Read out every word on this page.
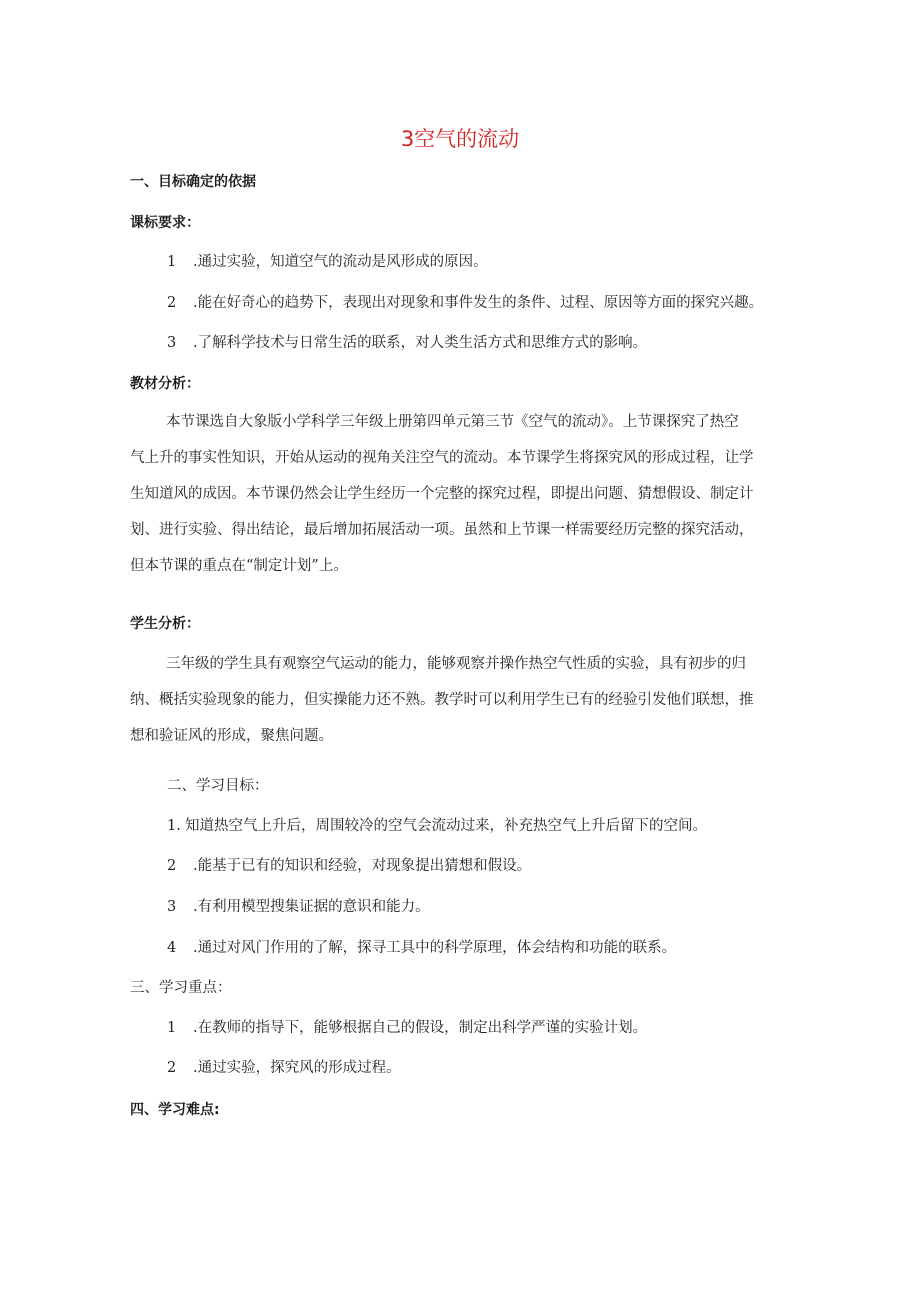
3空气的流动
一、目标确定的依据
课标要求：
1 .通过实验，知道空气的流动是风形成的原因。
2 .能在好奇心的趋势下，表现出对现象和事件发生的条件、过程、原因等方面的探究兴趣。
3 .了解科学技术与日常生活的联系，对人类生活方式和思维方式的影响。
教材分析：
本节课选自大象版小学科学三年级上册第四单元第三节《空气的流动》。上节课探究了热空
气上升的事实性知识，开始从运动的视角关注空气的流动。本节课学生将探究风的形成过程，让学
生知道风的成因。本节课仍然会让学生经历一个完整的探究过程，即提出问题、猜想假设、制定计
划、进行实验、得出结论，最后增加拓展活动一项。虽然和上节课一样需要经历完整的探究活动，
但本节课的重点在“制定计划”上。
学生分析：
三年级的学生具有观察空气运动的能力，能够观察并操作热空气性质的实验，具有初步的归
纳、概括实验现象的能力，但实操能力还不熟。教学时可以利用学生已有的经验引发他们联想，推
想和验证风的形成，聚焦问题。
二、学习目标：
1. 知道热空气上升后，周围较冷的空气会流动过来，补充热空气上升后留下的空间。
2 .能基于已有的知识和经验，对现象提出猜想和假设。
3 .有利用模型搜集证据的意识和能力。
4 .通过对风门作用的了解，探寻工具中的科学原理，体会结构和功能的联系。
三、学习重点：
1 .在教师的指导下，能够根据自己的假设，制定出科学严谨的实验计划。
2 .通过实验，探究风的形成过程。
四、学习难点:
